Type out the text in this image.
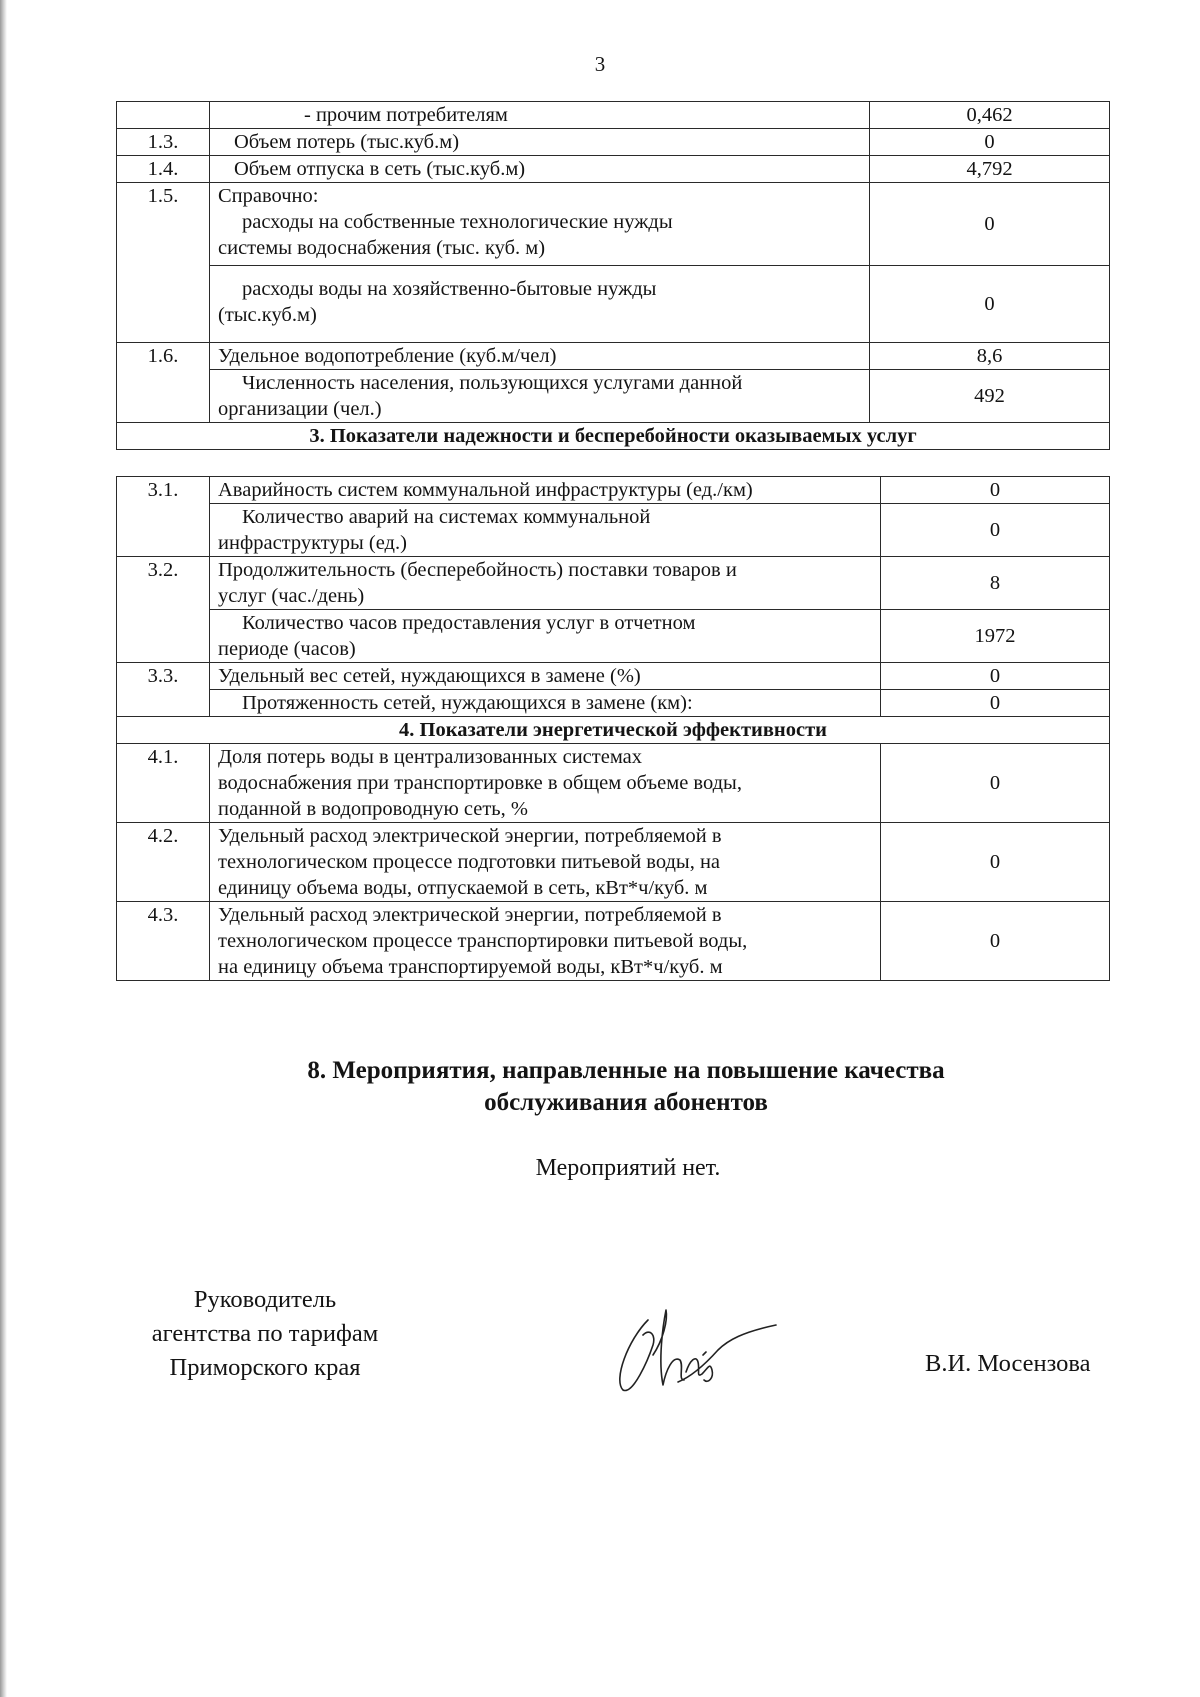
3

	- прочим потребителям	0,462
1.3.	Объем потерь (тыс.куб.м)	0
1.4.	Объем отпуска в сеть (тыс.куб.м)	4,792
1.5.	Справочно:
расходы на собственные технологические нужды
системы водоснабжения (тыс. куб. м)	0

	расходы воды на хозяйственно-бытовые нужды
(тыс.куб.м)	0
1.6.	Удельное водопотребление (куб.м/чел)	8,6

	Численность населения, пользующихся услугами данной
организации (чел.)	492
3. Показатели надежности и бесперебойности оказываемых услуг		
3.1.	Аварийность систем коммунальной инфраструктуры (ед./км)	0

	Количество аварий на системах коммунальной
инфраструктуры (ед.)	0
3.2.	Продолжительность (бесперебойность) поставки товаров и
услуг (час./день)	8

	Количество часов предоставления услуг в отчетном
периоде (часов)	1972
3.3.	Удельный вес сетей, нуждающихся в замене (%)	0

	Протяженность сетей, нуждающихся в замене (км):	0
4. Показатели энергетической эффективности		
4.1.	Доля потерь воды в централизованных системах
водоснабжения при транспортировке в общем объеме воды,
поданной в водопроводную сеть, %	0
4.2.	Удельный расход электрической энергии, потребляемой в
технологическом процессе подготовки питьевой воды, на
единицу объема воды, отпускаемой в сеть, кВт*ч/куб. м	0
4.3.	Удельный расход электрической энергии, потребляемой в
технологическом процессе транспортировки питьевой воды,
на единицу объема транспортируемой воды, кВт*ч/куб. м	0
8. Мероприятия, направленные на повышение качества
обслуживания абонентов
Мероприятий нет.
Руководитель
агентства по тарифам
Приморского края	В.И. Мосензова
